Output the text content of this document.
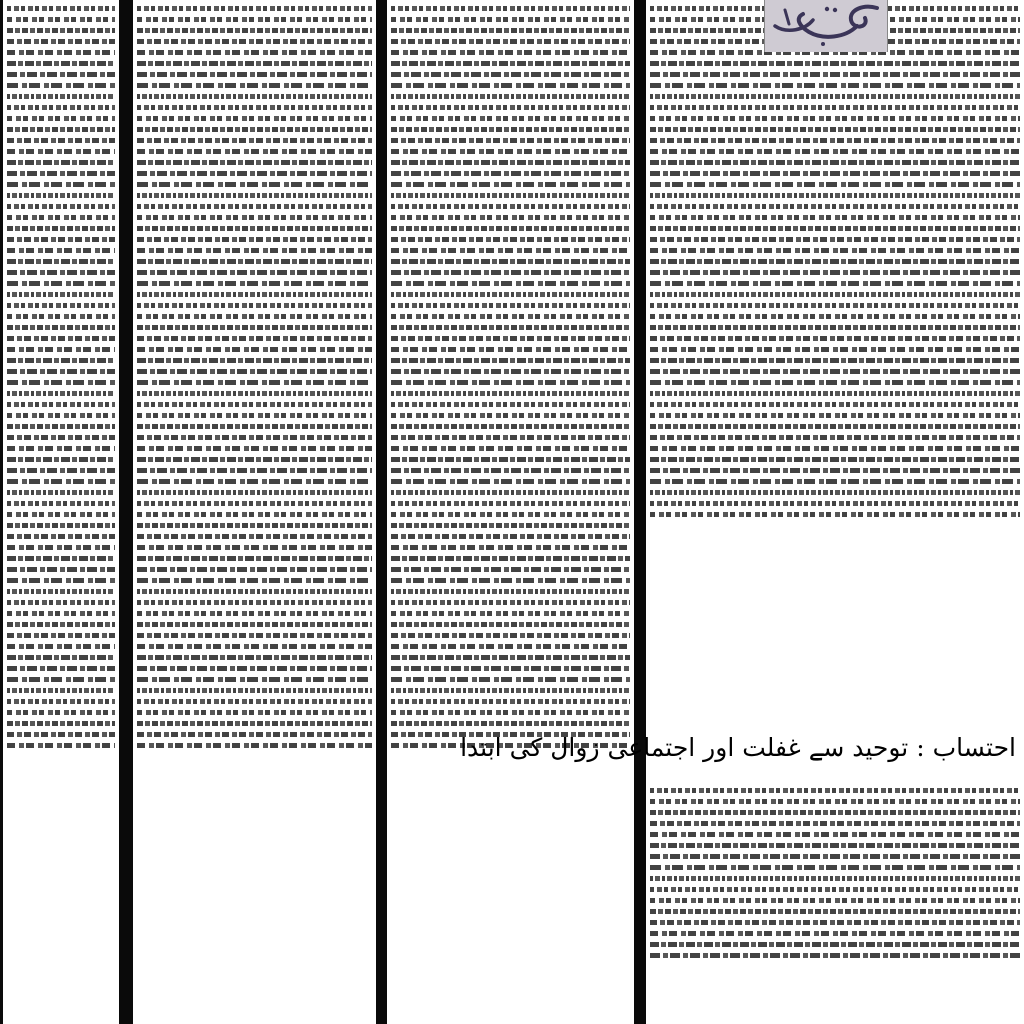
احتساب : توحید سے غفلت اور اجتماعی زوال کی ابتدا
